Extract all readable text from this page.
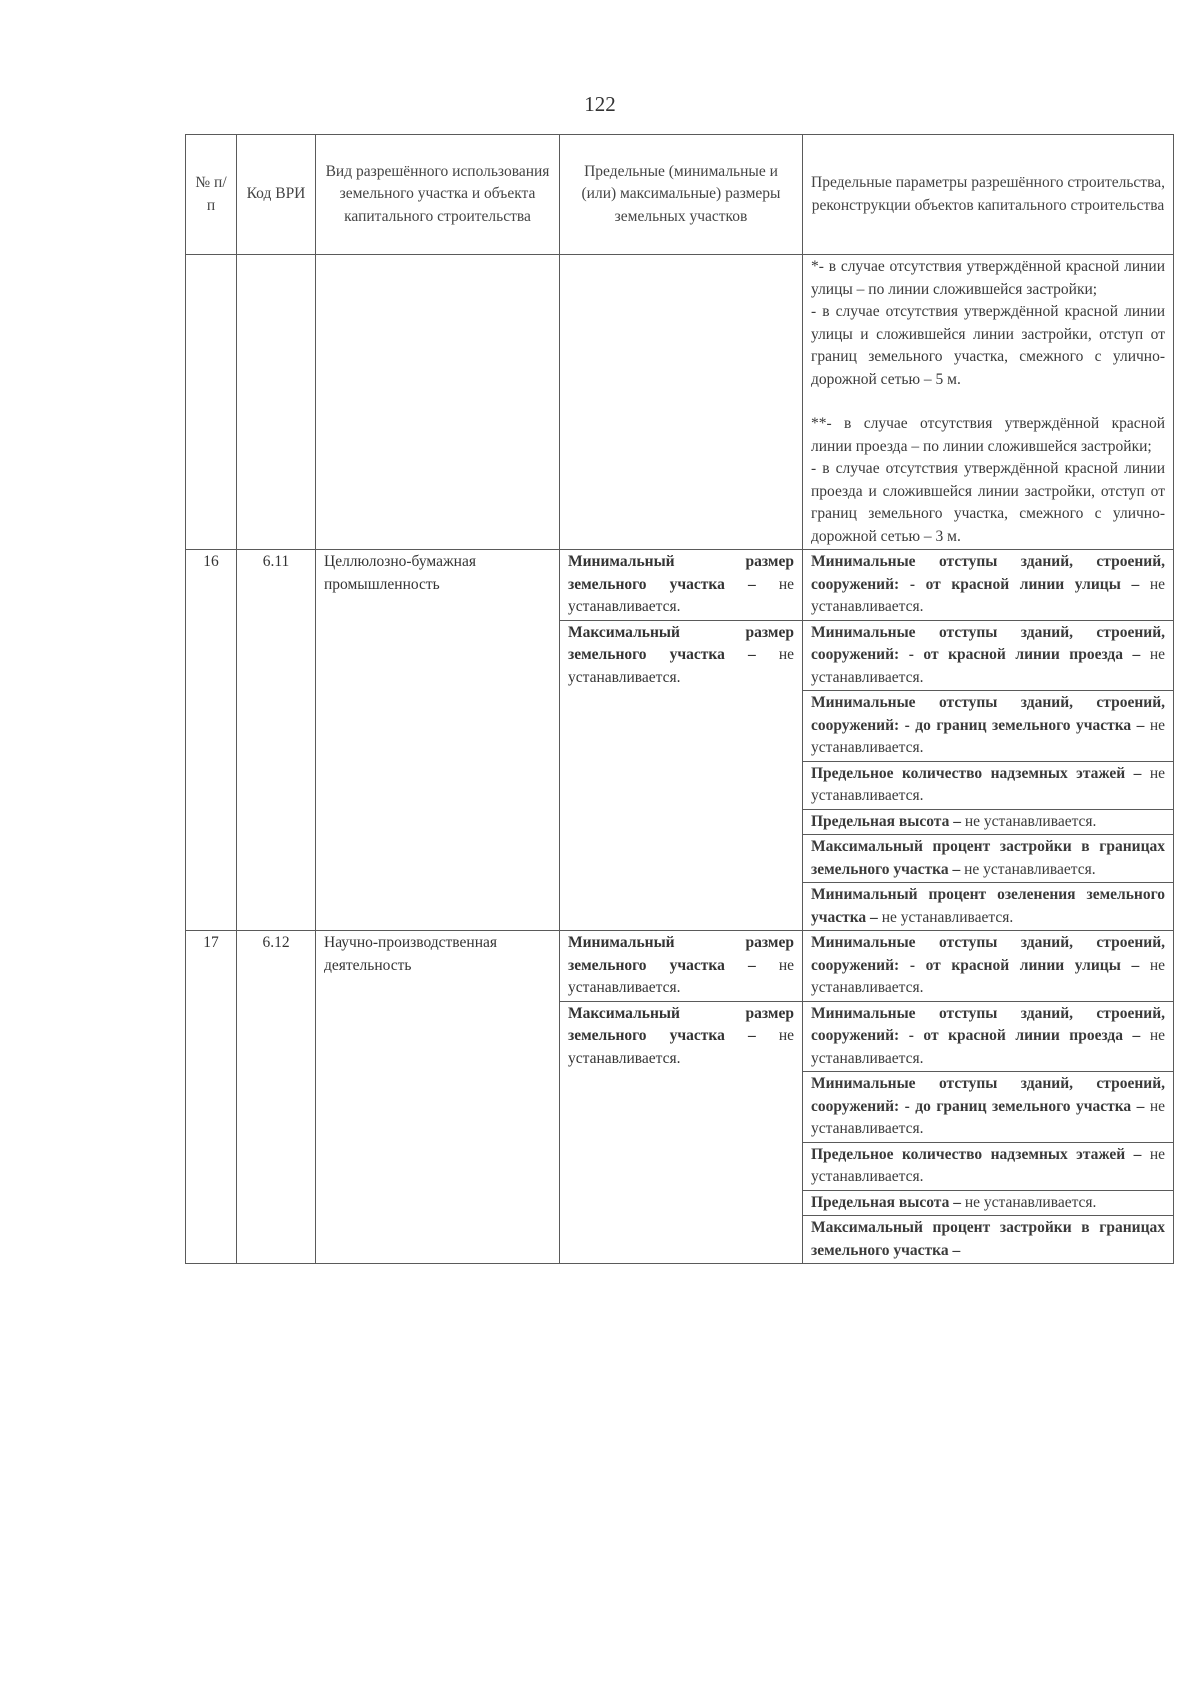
122
№ п/п	Код ВРИ	Вид разрешённого использования земельного участка и объекта капитального строительства	Предельные (минимальные и (или) максимальные) размеры земельных участков	Предельные параметры разрешённого строительства, реконструкции объектов капитального строительства

				*- в случае отсутствия утверждённой красной линии улицы – по линии сложившейся застройки;
- в случае отсутствия утверждённой красной линии улицы и сложившейся линии застройки, отступ от границ земельного участка, смежного с улично-дорожной сетью – 5 м.
**- в случае отсутствия утверждённой красной линии проезда – по линии сложившейся застройки;
- в случае отсутствия утверждённой красной линии проезда и сложившейся линии застройки, отступ от границ земельного участка, смежного с улично-дорожной сетью – 3 м.

16	6.11	Целлюлозно-бумажная промышленность	Минимальный размер земельного участка – не устанавливается.	Минимальные отступы зданий, строений, сооружений: - от красной линии улицы – не устанавливается.
			Максимальный размер земельного участка – не устанавливается.	Минимальные отступы зданий, строений, сооружений: - от красной линии проезда – не устанавливается.
				Минимальные отступы зданий, строений, сооружений: - до границ земельного участка – не устанавливается.
				Предельное количество надземных этажей – не устанавливается.
				Предельная высота – не устанавливается.
				Максимальный процент застройки в границах земельного участка – не устанавливается.
				Минимальный процент озеленения земельного участка – не устанавливается.
17	6.12	Научно-производственная деятельность	Минимальный размер земельного участка – не устанавливается.	Минимальные отступы зданий, строений, сооружений: - от красной линии улицы – не устанавливается.
			Максимальный размер земельного участка – не устанавливается.	Минимальные отступы зданий, строений, сооружений: - от красной линии проезда – не устанавливается.
				Минимальные отступы зданий, строений, сооружений: - до границ земельного участка – не устанавливается.
				Предельное количество надземных этажей – не устанавливается.
				Предельная высота – не устанавливается.
				Максимальный процент застройки в границах земельного участка –
